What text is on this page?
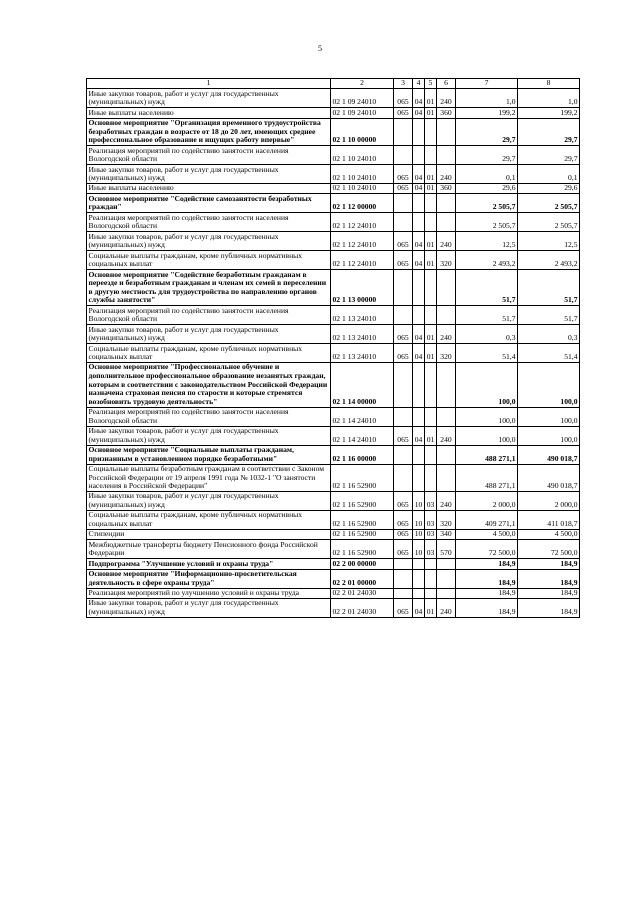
5
1	2	3	4	5	6	7	8
Иные закупки товаров, работ и услуг для государственных (муниципальных) нужд	02 1 09 24010	065	04	01	240	1,0	1,0
Иные выплаты населению	02 1 09 24010	065	04	01	360	199,2	199,2
Основное мероприятие "Организация временного трудоустройства безработных граждан в возрасте от 18 до 20 лет, имеющих среднее профессиональное образование и ищущих работу впервые"	02 1 10 00000					29,7	29,7
Реализация мероприятий по содействию занятости населения Вологодской области	02 1 10 24010					29,7	29,7
Иные закупки товаров, работ и услуг для государственных (муниципальных) нужд	02 1 10 24010	065	04	01	240	0,1	0,1
Иные выплаты населению	02 1 10 24010	065	04	01	360	29,6	29,6
Основное мероприятие "Содействие самозанятости безработных граждан"	02 1 12 00000					2 505,7	2 505,7
Реализация мероприятий по содействию занятости населения Вологодской области	02 1 12 24010					2 505,7	2 505,7
Иные закупки товаров, работ и услуг для государственных (муниципальных) нужд	02 1 12 24010	065	04	01	240	12,5	12,5
Социальные выплаты гражданам, кроме публичных нормативных социальных выплат	02 1 12 24010	065	04	01	320	2 493,2	2 493,2
Основное мероприятие "Содействие безработным гражданам в переезде и безработным гражданам и членам их семей в переселении в другую местность для трудоустройства по направлению органов службы занятости"	02 1 13 00000					51,7	51,7
Реализация мероприятий по содействию занятости населения Вологодской области	02 1 13 24010					51,7	51,7
Иные закупки товаров, работ и услуг для государственных (муниципальных) нужд	02 1 13 24010	065	04	01	240	0,3	0,3
Социальные выплаты гражданам, кроме публичных нормативных социальных выплат	02 1 13 24010	065	04	01	320	51,4	51,4
Основное мероприятие "Профессиональное обучение и дополнительное профессиональное образование незанятых граждан, которым в соответствии с законодательством Российской Федерации назначена страховая пенсия по старости и которые стремятся возобновить трудовую деятельность"	02 1 14 00000					100,0	100,0
Реализация мероприятий по содействию занятости населения Вологодской области	02 1 14 24010					100,0	100,0
Иные закупки товаров, работ и услуг для государственных (муниципальных) нужд	02 1 14 24010	065	04	01	240	100,0	100,0
Основное мероприятие "Социальные выплаты гражданам, признанным в установленном порядке безработными"	02 1 16 00000					488 271,1	490 018,7
Социальные выплаты безработным гражданам в соответствии с Законом Российской Федерации от 19 апреля 1991 года № 1032-1 "О занятости населения в Российской Федерации"	02 1 16 52900					488 271,1	490 018,7
Иные закупки товаров, работ и услуг для государственных (муниципальных) нужд	02 1 16 52900	065	10	03	240	2 000,0	2 000,0
Социальные выплаты гражданам, кроме публичных нормативных социальных выплат	02 1 16 52900	065	10	03	320	409 271,1	411 018,7
Стипендии	02 1 16 52900	065	10	03	340	4 500,0	4 500,0
Межбюджетные трансферты бюджету Пенсионного фонда Российской Федерации	02 1 16 52900	065	10	03	570	72 500,0	72 500,0
Подпрограмма "Улучшение условий и охраны труда"	02 2 00 00000					184,9	184,9
Основное мероприятие "Информационно-просветительская деятельность в сфере охраны труда"	02 2 01 00000					184,9	184,9
Реализация мероприятий по улучшению условий и охраны труда	02 2 01 24030					184,9	184,9
Иные закупки товаров, работ и услуг для государственных (муниципальных) нужд	02 2 01 24030	065	04	01	240	184,9	184,9
